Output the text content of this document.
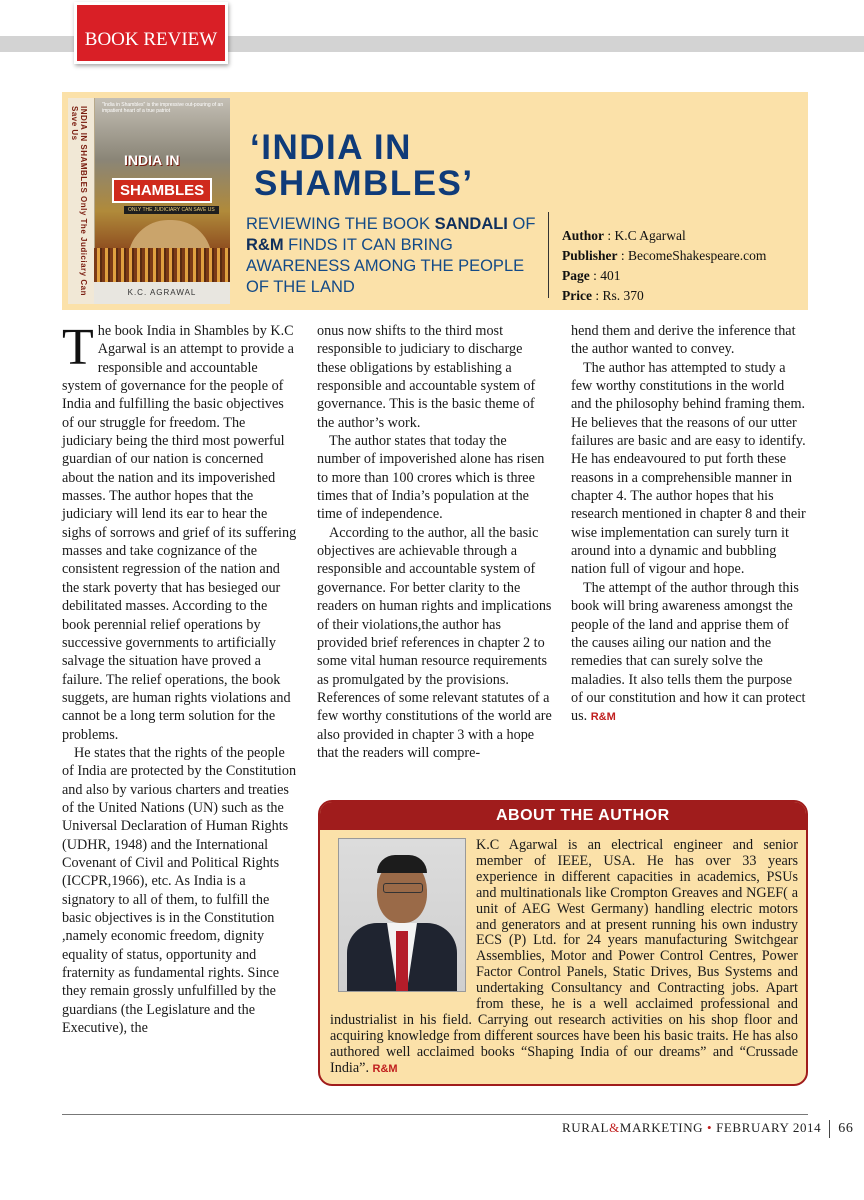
BOOK REVIEW
INDIA IN SHAMBLES Only The Judiciary Can Save Us
"India in Shambles" is the impressive out-pouring of an impatient heart of a true patriot
INDIA IN
SHAMBLES
ONLY THE JUDICIARY CAN SAVE US
K.C. AGRAWAL
‘INDIA IN
SHAMBLES’
REVIEWING THE BOOK SANDALI OF R&M FINDS IT CAN BRING AWARENESS AMONG THE PEOPLE OF THE LAND
Author : K.C Agarwal
Publisher : BecomeShakespeare.com
Page : 401
Price : Rs. 370

The book India in Shambles by K.C Agarwal is an attempt to provide a responsible and accountable system of governance for the people of India and fulfilling the basic objectives of our struggle for freedom. The judiciary being the third most powerful guardian of our nation is concerned about the nation and its impoverished masses. The author hopes that the judiciary will lend its ear to hear the sighs of sorrows and grief of its suffering masses and take cognizance of the consistent regression of the nation and the stark poverty that has besieged our debilitated masses. According to the book perennial relief operations by successive governments to artificially salvage the situation have proved a failure. The relief operations, the book suggets, are human rights violations and cannot be a long term solution for the problems.

He states that the rights of the people of India are protected by the Constitution and also by various charters and treaties of the United Nations (UN) such as the Universal Declaration of Human Rights (UDHR, 1948) and the International Covenant of Civil and Political Rights (ICCPR,1966), etc. As India is a signatory to all of them, to fulfill the basic objectives is in the Constitution ,namely economic freedom, dignity equality of status, opportunity and fraternity as fundamental rights. Since they remain grossly unfulfilled by the guardians (the Legislature and the Executive), the

onus now shifts to the third most responsible to judiciary to discharge these obligations by establishing a responsible and accountable system of governance. This is the basic theme of the author’s work.

The author states that today the number of impoverished alone has risen to more than 100 crores which is three times that of India’s population at the time of independence.

According to the author, all the basic objectives are achievable through a responsible and accountable system of governance. For better clarity to the readers on human rights and implications of their violations,the author has provided brief references in chapter 2 to some vital human resource requirements as promulgated by the provisions. References of some relevant statutes of a few worthy constitutions of the world are also provided in chapter 3 with a hope that the readers will compre-

hend them and derive the inference that the author wanted to convey.

The author has attempted to study a few worthy constitutions in the world and the philosophy behind framing them. He believes that the reasons of our utter failures are basic and are easy to identify. He has endeavoured to put forth these reasons in a comprehensible manner in chapter 4. The author hopes that his research mentioned in chapter 8 and their wise implementation can surely turn it around into a dynamic and bubbling nation full of vigour and hope.

The attempt of the author through this book will bring awareness amongst the people of the land and apprise them of the causes ailing our nation and the remedies that can surely solve the maladies. It also tells them the purpose of our constitution and how it can protect us. R&M

ABOUT THE AUTHOR
K.C Agarwal is an electrical engineer and senior member of IEEE, USA. He has over 33 years experience in different capacities in academics, PSUs and multinationals like Crompton Greaves and NGEF( a unit of AEG West Germany) handling electric motors and generators and at present running his own industry ECS (P) Ltd. for 24 years manufacturing Switchgear Assemblies, Motor and Power Control Centres, Power Factor Control Panels, Static Drives, Bus Systems and undertaking Consultancy and Contracting jobs. Apart from these, he is a well acclaimed professional and industrialist in his field. Carrying out research activities on his shop floor and acquiring knowledge from different sources have been his basic traits. He has also authored well acclaimed books “Shaping India of our dreams” and “Crussade India”. R&M
RURAL&MARKETING • FEBRUARY 2014 66
